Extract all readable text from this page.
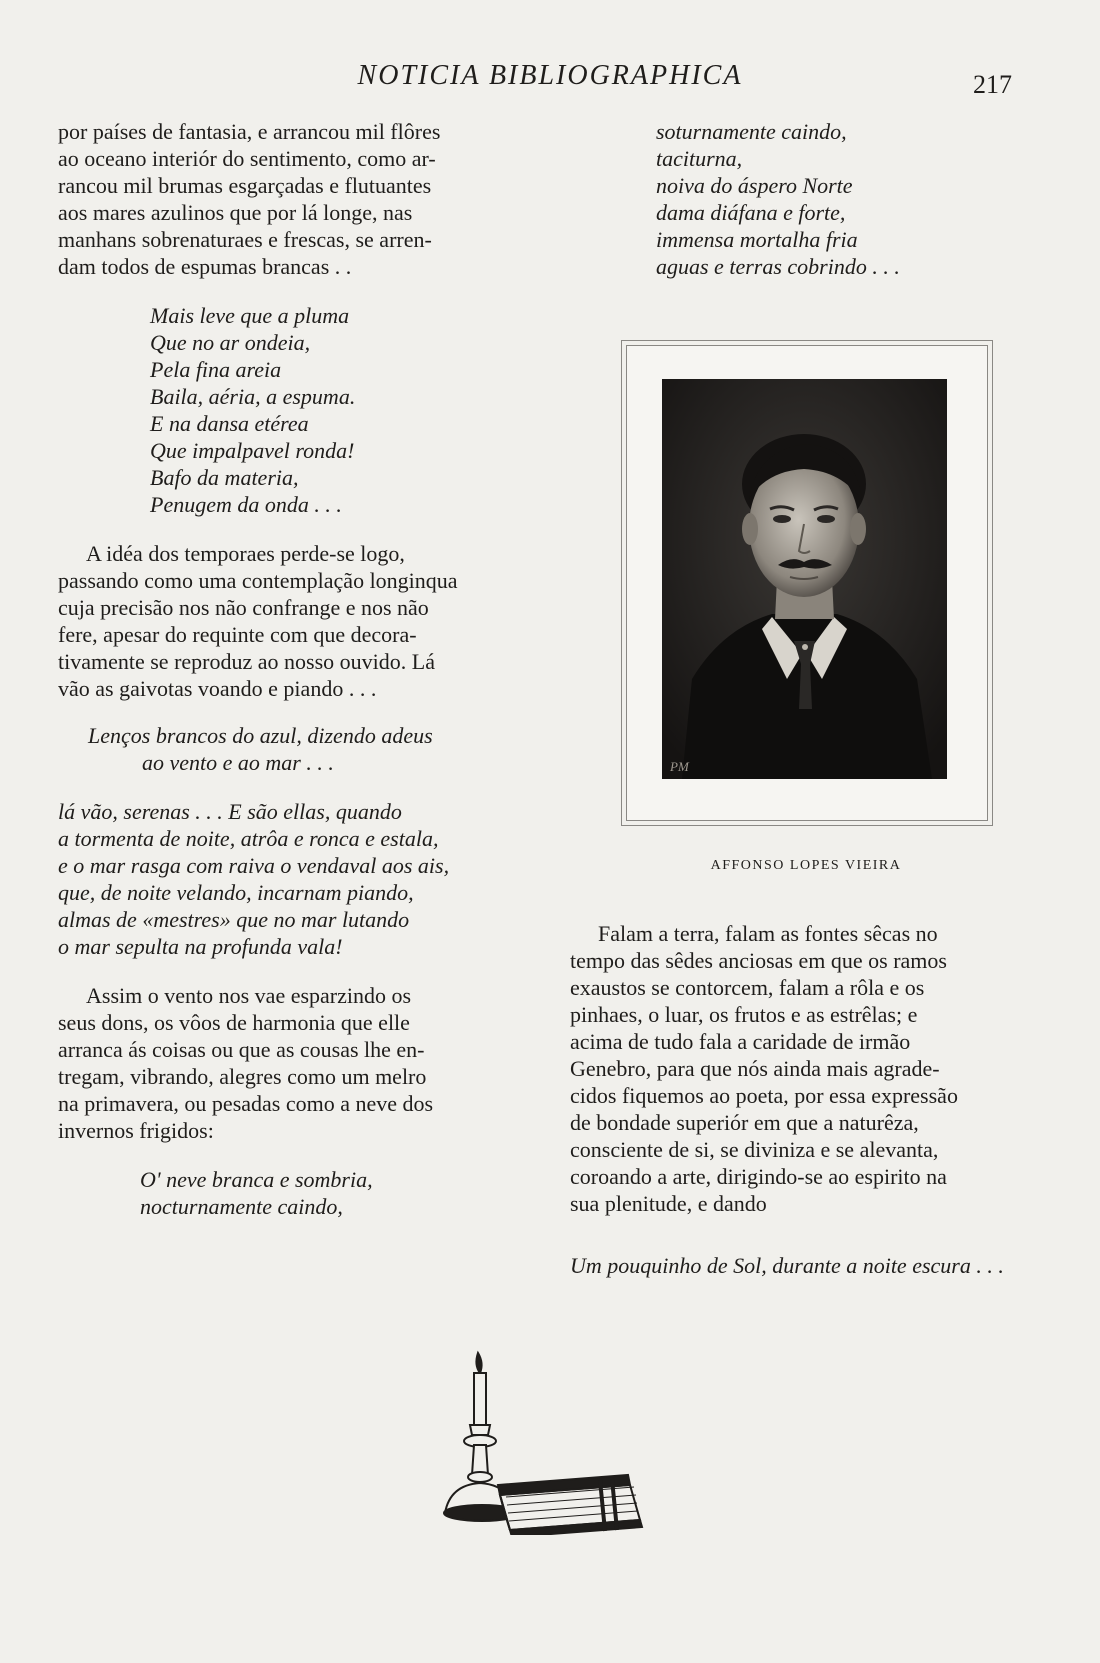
NOTICIA BIBLIOGRAPHICA	217
por países de fantasia, e arrancou mil flôres
ao oceano interiór do sentimento, como ar-
rancou mil brumas esgarçadas e flutuantes
aos mares azulinos que por lá longe, nas
manhans sobrenaturaes e frescas, se arren-
dam todos de espumas brancas . .
Mais leve que a pluma
Que no ar ondeia,
Pela fina areia
Baila, aéria, a espuma.
E na dansa etérea
Que impalpavel ronda!
Bafo da materia,
Penugem da onda . . .
A idéa dos temporaes perde-se logo,
passando como uma contemplação longinqua
cuja precisão nos não confrange e nos não
fere, apesar do requinte com que decora-
tivamente se reproduz ao nosso ouvido. Lá
vão as gaivotas voando e piando . . .
Lenços brancos do azul, dizendo adeus
ao vento e ao mar . . .
lá vão, serenas . . . E são ellas, quando
a tormenta de noite, atrôa e ronca e estala,
e o mar rasga com raiva o vendaval aos ais,
que, de noite velando, incarnam piando,
almas de «mestres» que no mar lutando
o mar sepulta na profunda vala!
Assim o vento nos vae esparzindo os
seus dons, os vôos de harmonia que elle
arranca ás coisas ou que as cousas lhe en-
tregam, vibrando, alegres como um melro
na primavera, ou pesadas como a neve dos
invernos frigidos:
O' neve branca e sombria,
nocturnamente caindo,
soturnamente caindo,
taciturna,
noiva do áspero Norte
dama diáfana e forte,
immensa mortalha fria
aguas e terras cobrindo . . .
PM
AFFONSO LOPES VIEIRA
Falam a terra, falam as fontes sêcas no
tempo das sêdes anciosas em que os ramos
exaustos se contorcem, falam a rôla e os
pinhaes, o luar, os frutos e as estrêlas; e
acima de tudo fala a caridade de irmão
Genebro, para que nós ainda mais agrade-
cidos fiquemos ao poeta, por essa expressão
de bondade superiór em que a naturêza,
consciente de si, se diviniza e se alevanta,
coroando a arte, dirigindo-se ao espirito na
sua plenitude, e dando
Um pouquinho de Sol, durante a noite escura . . .
